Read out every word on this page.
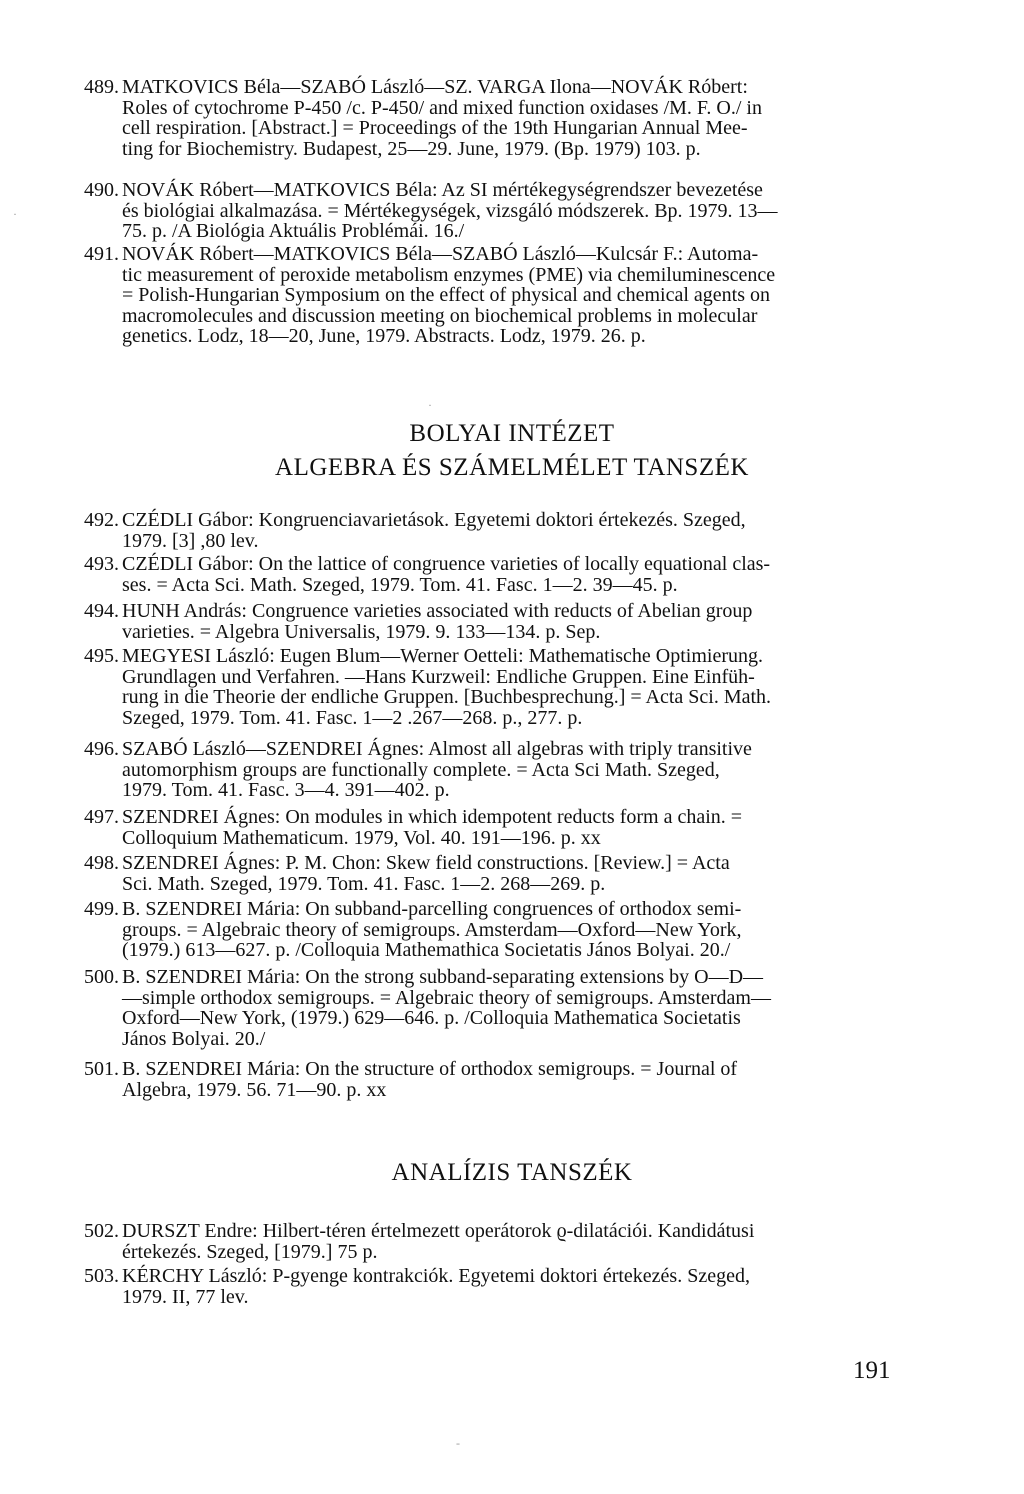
489. MATKOVICS Béla—SZABÓ László—SZ. VARGA Ilona—NOVÁK Róbert:
Roles of cytochrome P-450 /c. P-450/ and mixed function oxidases /M. F. O./ in
cell respiration. [Abstract.] = Proceedings of the 19th Hungarian Annual Mee-
ting for Biochemistry. Budapest, 25—29. June, 1979. (Bp. 1979) 103. p.
490. NOVÁK Róbert—MATKOVICS Béla: Az SI mértékegységrendszer bevezetése
és biológiai alkalmazása. = Mértékegységek, vizsgáló módszerek. Bp. 1979. 13—
75. p. /A Biológia Aktuális Problémái. 16./
491. NOVÁK Róbert—MATKOVICS Béla—SZABÓ László—Kulcsár F.: Automa-
tic measurement of peroxide metabolism enzymes (PME) via chemiluminescence
= Polish-Hungarian Symposium on the effect of physical and chemical agents on
macromolecules and discussion meeting on biochemical problems in molecular
genetics. Lodz, 18—20, June, 1979. Abstracts. Lodz, 1979. 26. p.
BOLYAI INTÉZET
ALGEBRA ÉS SZÁMELMÉLET TANSZÉK
492. CZÉDLI Gábor: Kongruenciavarietások. Egyetemi doktori értekezés. Szeged,
1979. [3] ,80 lev.
493. CZÉDLI Gábor: On the lattice of congruence varieties of locally equational clas-
ses. = Acta Sci. Math. Szeged, 1979. Tom. 41. Fasc. 1—2. 39—45. p.
494. HUNH András: Congruence varieties associated with reducts of Abelian group
varieties. = Algebra Universalis, 1979. 9. 133—134. p. Sep.
495. MEGYESI László: Eugen Blum—Werner Oetteli: Mathematische Optimierung.
Grundlagen und Verfahren. —Hans Kurzweil: Endliche Gruppen. Eine Einfüh-
rung in die Theorie der endliche Gruppen. [Buchbesprechung.] = Acta Sci. Math.
Szeged, 1979. Tom. 41. Fasc. 1—2 .267—268. p., 277. p.
496. SZABÓ László—SZENDREI Ágnes: Almost all algebras with triply transitive
automorphism groups are functionally complete. = Acta Sci Math. Szeged,
1979. Tom. 41. Fasc. 3—4. 391—402. p.
497. SZENDREI Ágnes: On modules in which idempotent reducts form a chain. =
Colloquium Mathematicum. 1979, Vol. 40. 191—196. p. xx
498. SZENDREI Ágnes: P. M. Chon: Skew field constructions. [Review.] = Acta
Sci. Math. Szeged, 1979. Tom. 41. Fasc. 1—2. 268—269. p.
499. B. SZENDREI Mária: On subband-parcelling congruences of orthodox semi-
groups. = Algebraic theory of semigroups. Amsterdam—Oxford—New York,
(1979.) 613—627. p. /Colloquia Mathemathica Societatis János Bolyai. 20./
500. B. SZENDREI Mária: On the strong subband-separating extensions by O—D—
—simple orthodox semigroups. = Algebraic theory of semigroups. Amsterdam—
Oxford—New York, (1979.) 629—646. p. /Colloquia Mathematica Societatis
János Bolyai. 20./
501. B. SZENDREI Mária: On the structure of orthodox semigroups. = Journal of
Algebra, 1979. 56. 71—90. p. xx
ANALÍZIS TANSZÉK
502. DURSZT Endre: Hilbert-téren értelmezett operátorok ϱ-dilatációi. Kandidátusi
értekezés. Szeged, [1979.] 75 p.
503. KÉRCHY László: P-gyenge kontrakciók. Egyetemi doktori értekezés. Szeged,
1979. II, 77 lev.
191
·
·
-
